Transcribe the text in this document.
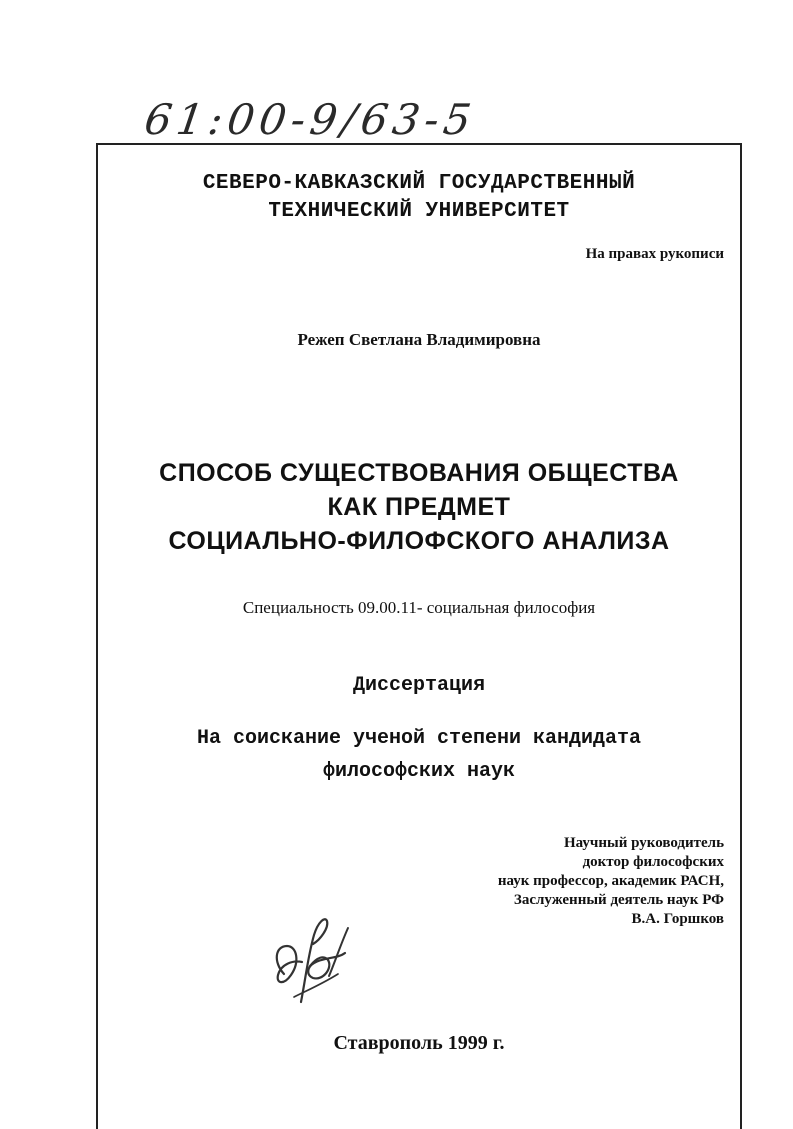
61:00-9/63-5
СЕВЕРО-КАВКАЗСКИЙ ГОСУДАРСТВЕННЫЙ
ТЕХНИЧЕСКИЙ УНИВЕРСИТЕТ
На правах рукописи
Режеп Светлана Владимировна
СПОСОБ СУЩЕСТВОВАНИЯ ОБЩЕСТВА
КАК ПРЕДМЕТ
СОЦИАЛЬНО-ФИЛОФСКОГО АНАЛИЗА
Специальность 09.00.11- социальная философия
Диссертация
На соискание ученой степени кандидата
философских наук
Научный руководитель
доктор философских
наук профессор, академик РАСН,
Заслуженный деятель наук РФ
В.А. Горшков
Ставрополь 1999 г.
